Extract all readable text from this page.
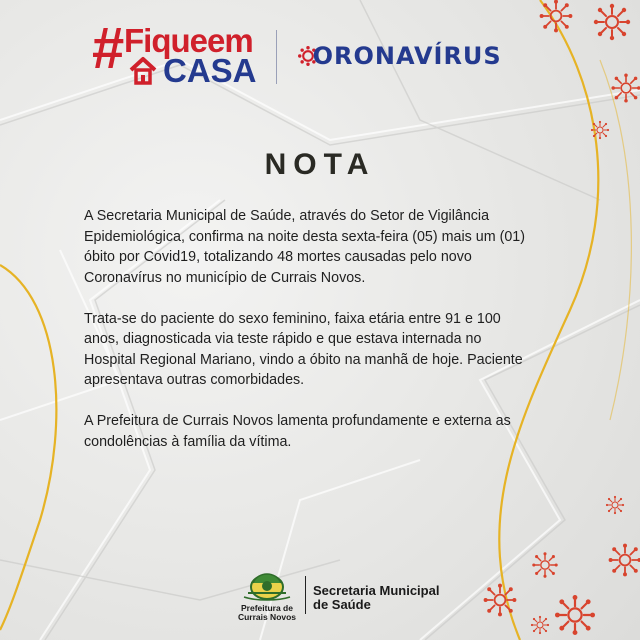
# Fiqueem
CASA	ORONAVÍRUS
NOTA

A Secretaria Municipal de Saúde, através do Setor de Vigilância Epidemiológica, confirma na noite desta sexta-feira (05) mais um (01) óbito por Covid19, totalizando 48 mortes causadas pelo novo Coronavírus no município de Currais Novos.

Trata-se do paciente do sexo feminino, faixa etária entre 91 e 100 anos, diagnosticada via teste rápido e que estava internada no Hospital Regional Mariano, vindo a óbito na manhã de hoje. Paciente apresentava outras comorbidades.

A Prefeitura de Currais Novos lamenta profundamente e externa as condolências à família da vítima.

Prefeitura de
Currais Novos
Secretaria Municipal
de Saúde
